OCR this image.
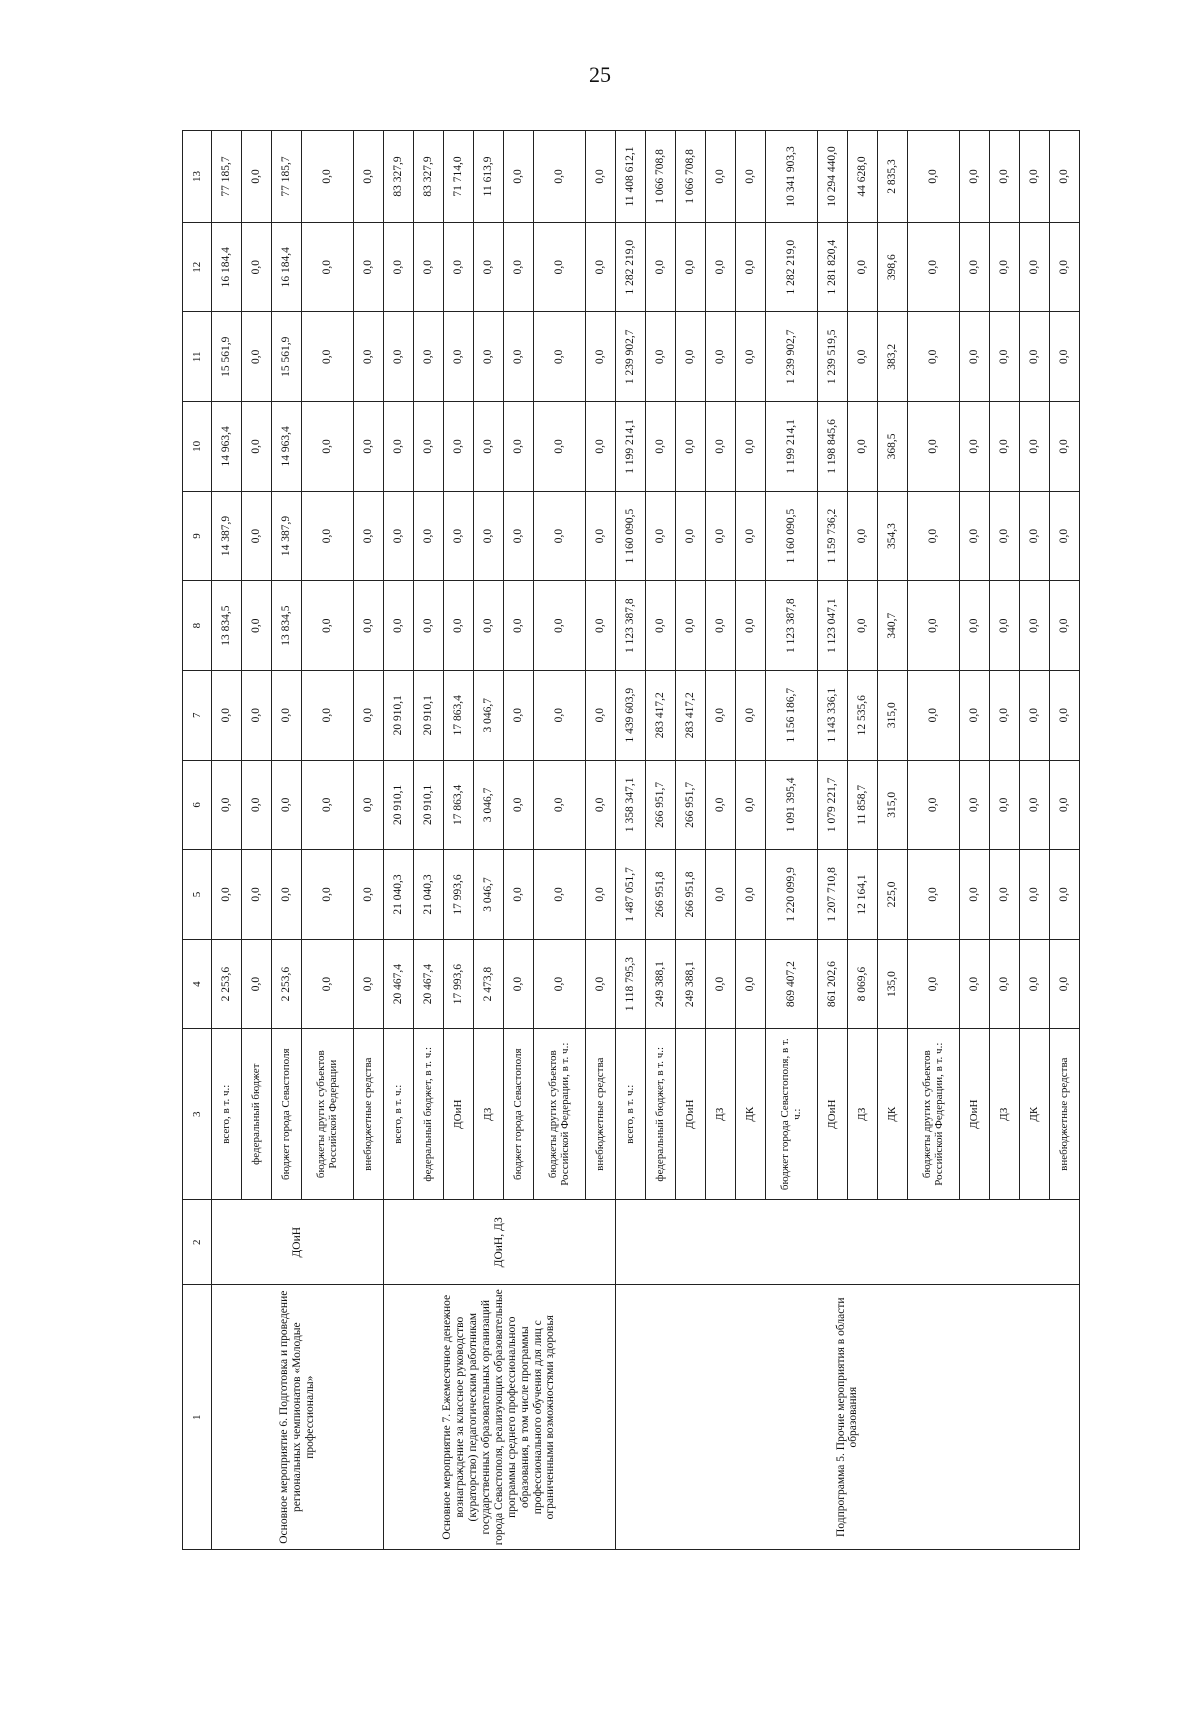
25
1	2	3	4	5	6	7	8	9	10	11	12	13
Основное мероприятие 6. Подготовка и проведение региональных чемпионатов «Молодые профессионалы»	ДОиН	всего, в т. ч.:	2 253,6	0,0	0,0	0,0	13 834,5	14 387,9	14 963,4	15 561,9	16 184,4	77 185,7
		федеральный бюджет	0,0	0,0	0,0	0,0	0,0	0,0	0,0	0,0	0,0	0,0
		бюджет города Севастополя	2 253,6	0,0	0,0	0,0	13 834,5	14 387,9	14 963,4	15 561,9	16 184,4	77 185,7
		бюджеты других субъектов Российской Федерации	0,0	0,0	0,0	0,0	0,0	0,0	0,0	0,0	0,0	0,0
		внебюджетные средства	0,0	0,0	0,0	0,0	0,0	0,0	0,0	0,0	0,0	0,0
Основное мероприятие 7. Ежемесячное денежное вознаграждение за классное руководство (кураторство) педагогическим работникам государственных образовательных организаций города Севастополя, реализующих образовательные программы среднего профессионального образования, в том числе программы профессионального обучения для лиц с ограниченными возможностями здоровья	ДОиН, ДЗ	всего, в т. ч.:	20 467,4	21 040,3	20 910,1	20 910,1	0,0	0,0	0,0	0,0	0,0	83 327,9
		федеральный бюджет, в т. ч.:	20 467,4	21 040,3	20 910,1	20 910,1	0,0	0,0	0,0	0,0	0,0	83 327,9
		ДОиН	17 993,6	17 993,6	17 863,4	17 863,4	0,0	0,0	0,0	0,0	0,0	71 714,0
		ДЗ	2 473,8	3 046,7	3 046,7	3 046,7	0,0	0,0	0,0	0,0	0,0	11 613,9
		бюджет города Севастополя	0,0	0,0	0,0	0,0	0,0	0,0	0,0	0,0	0,0	0,0
		бюджеты других субъектов Российской Федерации, в т. ч.:	0,0	0,0	0,0	0,0	0,0	0,0	0,0	0,0	0,0	0,0
		внебюджетные средства	0,0	0,0	0,0	0,0	0,0	0,0	0,0	0,0	0,0	0,0
Подпрограмма 5. Прочие мероприятия в области образования		всего, в т. ч.:	1 118 795,3	1 487 051,7	1 358 347,1	1 439 603,9	1 123 387,8	1 160 090,5	1 199 214,1	1 239 902,7	1 282 219,0	11 408 612,1
		федеральный бюджет, в т. ч.:	249 388,1	266 951,8	266 951,7	283 417,2	0,0	0,0	0,0	0,0	0,0	1 066 708,8
		ДОиН	249 388,1	266 951,8	266 951,7	283 417,2	0,0	0,0	0,0	0,0	0,0	1 066 708,8
		ДЗ	0,0	0,0	0,0	0,0	0,0	0,0	0,0	0,0	0,0	0,0
		ДК	0,0	0,0	0,0	0,0	0,0	0,0	0,0	0,0	0,0	0,0
		бюджет города Севастополя, в т. ч.:	869 407,2	1 220 099,9	1 091 395,4	1 156 186,7	1 123 387,8	1 160 090,5	1 199 214,1	1 239 902,7	1 282 219,0	10 341 903,3
		ДОиН	861 202,6	1 207 710,8	1 079 221,7	1 143 336,1	1 123 047,1	1 159 736,2	1 198 845,6	1 239 519,5	1 281 820,4	10 294 440,0
		ДЗ	8 069,6	12 164,1	11 858,7	12 535,6	0,0	0,0	0,0	0,0	0,0	44 628,0
		ДК	135,0	225,0	315,0	315,0	340,7	354,3	368,5	383,2	398,6	2 835,3
		бюджеты других субъектов Российской Федерации, в т. ч.:	0,0	0,0	0,0	0,0	0,0	0,0	0,0	0,0	0,0	0,0
		ДОиН	0,0	0,0	0,0	0,0	0,0	0,0	0,0	0,0	0,0	0,0
		ДЗ	0,0	0,0	0,0	0,0	0,0	0,0	0,0	0,0	0,0	0,0
		ДК	0,0	0,0	0,0	0,0	0,0	0,0	0,0	0,0	0,0	0,0
		внебюджетные средства	0,0	0,0	0,0	0,0	0,0	0,0	0,0	0,0	0,0	0,0
